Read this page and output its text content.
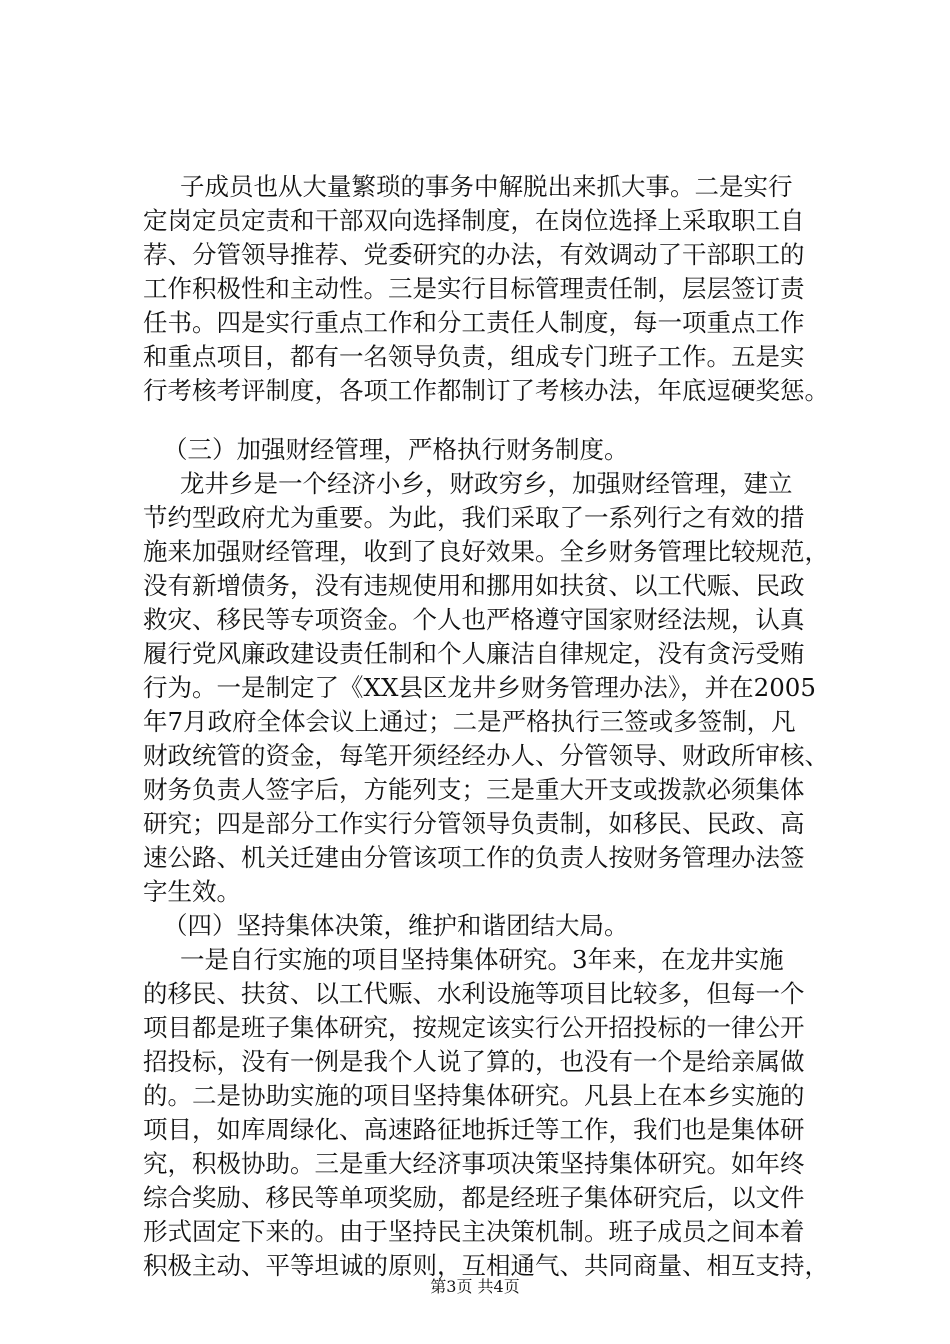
子成员也从大量繁琐的事务中解脱出来抓大事。二是实行
定岗定员定责和干部双向选择制度，在岗位选择上采取职工自
荐、分管领导推荐、党委研究的办法，有效调动了干部职工的
工作积极性和主动性。三是实行目标管理责任制，层层签订责
任书。四是实行重点工作和分工责任人制度，每一项重点工作
和重点项目，都有一名领导负责，组成专门班子工作。五是实
行考核考评制度，各项工作都制订了考核办法，年底逗硬奖惩。
（三）加强财经管理，严格执行财务制度。
龙井乡是一个经济小乡，财政穷乡，加强财经管理，建立
节约型政府尤为重要。为此，我们采取了一系列行之有效的措
施来加强财经管理，收到了良好效果。全乡财务管理比较规范，
没有新增债务，没有违规使用和挪用如扶贫、以工代赈、民政
救灾、移民等专项资金。个人也严格遵守国家财经法规，认真
履行党风廉政建设责任制和个人廉洁自律规定，没有贪污受贿
行为。一是制定了《XX县区龙井乡财务管理办法》，并在2005
年7月政府全体会议上通过；二是严格执行三签或多签制，凡
财政统管的资金，每笔开须经经办人、分管领导、财政所审核、
财务负责人签字后，方能列支；三是重大开支或拨款必须集体
研究；四是部分工作实行分管领导负责制，如移民、民政、高
速公路、机关迁建由分管该项工作的负责人按财务管理办法签
字生效。
（四）坚持集体决策，维护和谐团结大局。
一是自行实施的项目坚持集体研究。3年来，在龙井实施
的移民、扶贫、以工代赈、水利设施等项目比较多，但每一个
项目都是班子集体研究，按规定该实行公开招投标的一律公开
招投标，没有一例是我个人说了算的，也没有一个是给亲属做
的。二是协助实施的项目坚持集体研究。凡县上在本乡实施的
项目，如库周绿化、高速路征地拆迁等工作，我们也是集体研
究，积极协助。三是重大经济事项决策坚持集体研究。如年终
综合奖励、移民等单项奖励，都是经班子集体研究后，以文件
形式固定下来的。由于坚持民主决策机制。班子成员之间本着
积极主动、平等坦诚的原则，互相通气、共同商量、相互支持，
第3页 共4页
